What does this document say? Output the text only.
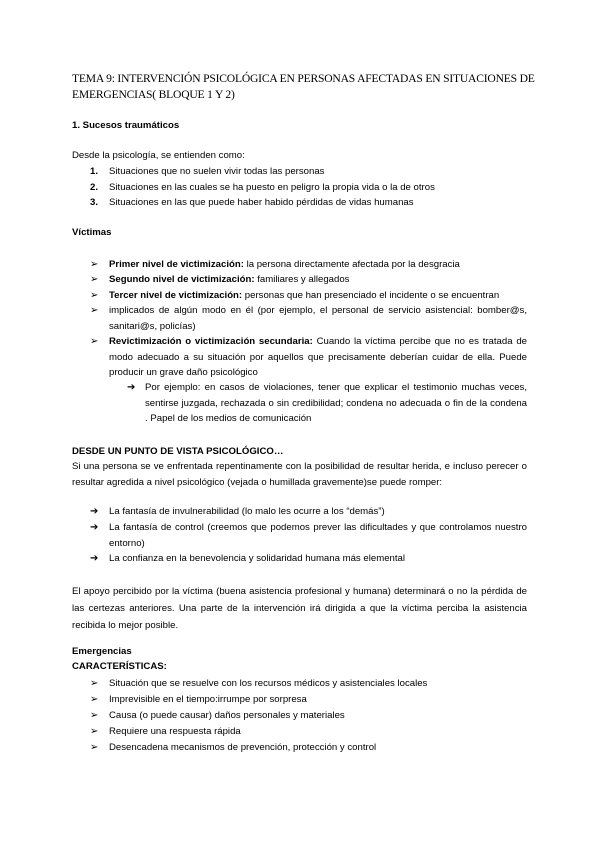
TEMA 9: INTERVENCIÓN PSICOLÓGICA EN PERSONAS AFECTADAS EN SITUACIONES DE EMERGENCIAS( BLOQUE 1 Y 2)
1. Sucesos traumáticos
Desde la psicología, se entienden como:
1. Situaciones que no suelen vivir todas las personas
2. Situaciones en las cuales se ha puesto en peligro la propia vida o la de otros
3. Situaciones en las que puede haber habido pérdidas de vidas humanas
Víctimas
➢ Primer nivel de victimización: la persona directamente afectada por la desgracia
➢ Segundo nivel de victimización: familiares y allegados
➢ Tercer nivel de victimización: personas que han presenciado el incidente o se encuentran
➢ implicados de algún modo en él (por ejemplo, el personal de servicio asistencial: bomber@s, sanitari@s, policías)
➢ Revictimización o victimización secundaria: Cuando la víctima percibe que no es tratada de modo adecuado a su situación por aquellos que precisamente deberían cuidar de ella. Puede producir un grave daño psicológico
➔ Por ejemplo: en casos de violaciones, tener que explicar el testimonio muchas veces, sentirse juzgada, rechazada o sin credibilidad; condena no adecuada o fin de la condena . Papel de los medios de comunicación
DESDE UN PUNTO DE VISTA PSICOLÓGICO…
Si una persona se ve enfrentada repentinamente con la posibilidad de resultar herida, e incluso perecer o resultar agredida a nivel psicológico (vejada o humillada gravemente)se puede romper:
➔ La fantasía de invulnerabilidad (lo malo les ocurre a los “demás”)
➔ La fantasía de control (creemos que podemos prever las dificultades y que controlamos nuestro entorno)
➔ La confianza en la benevolencia y solidaridad humana más elemental
El apoyo percibido por la víctima (buena asistencia profesional y humana) determinará o no la pérdida de las certezas anteriores. Una parte de la intervención irá dirigida a que la víctima perciba la asistencia recibida lo mejor posible.
Emergencias
CARACTERÍSTICAS:
➢ Situación que se resuelve con los recursos médicos y asistenciales locales
➢ Imprevisible en el tiempo:irrumpe por sorpresa
➢ Causa (o puede causar) daños personales y materiales
➢ Requiere una respuesta rápida
➢ Desencadena mecanismos de prevención, protección y control
